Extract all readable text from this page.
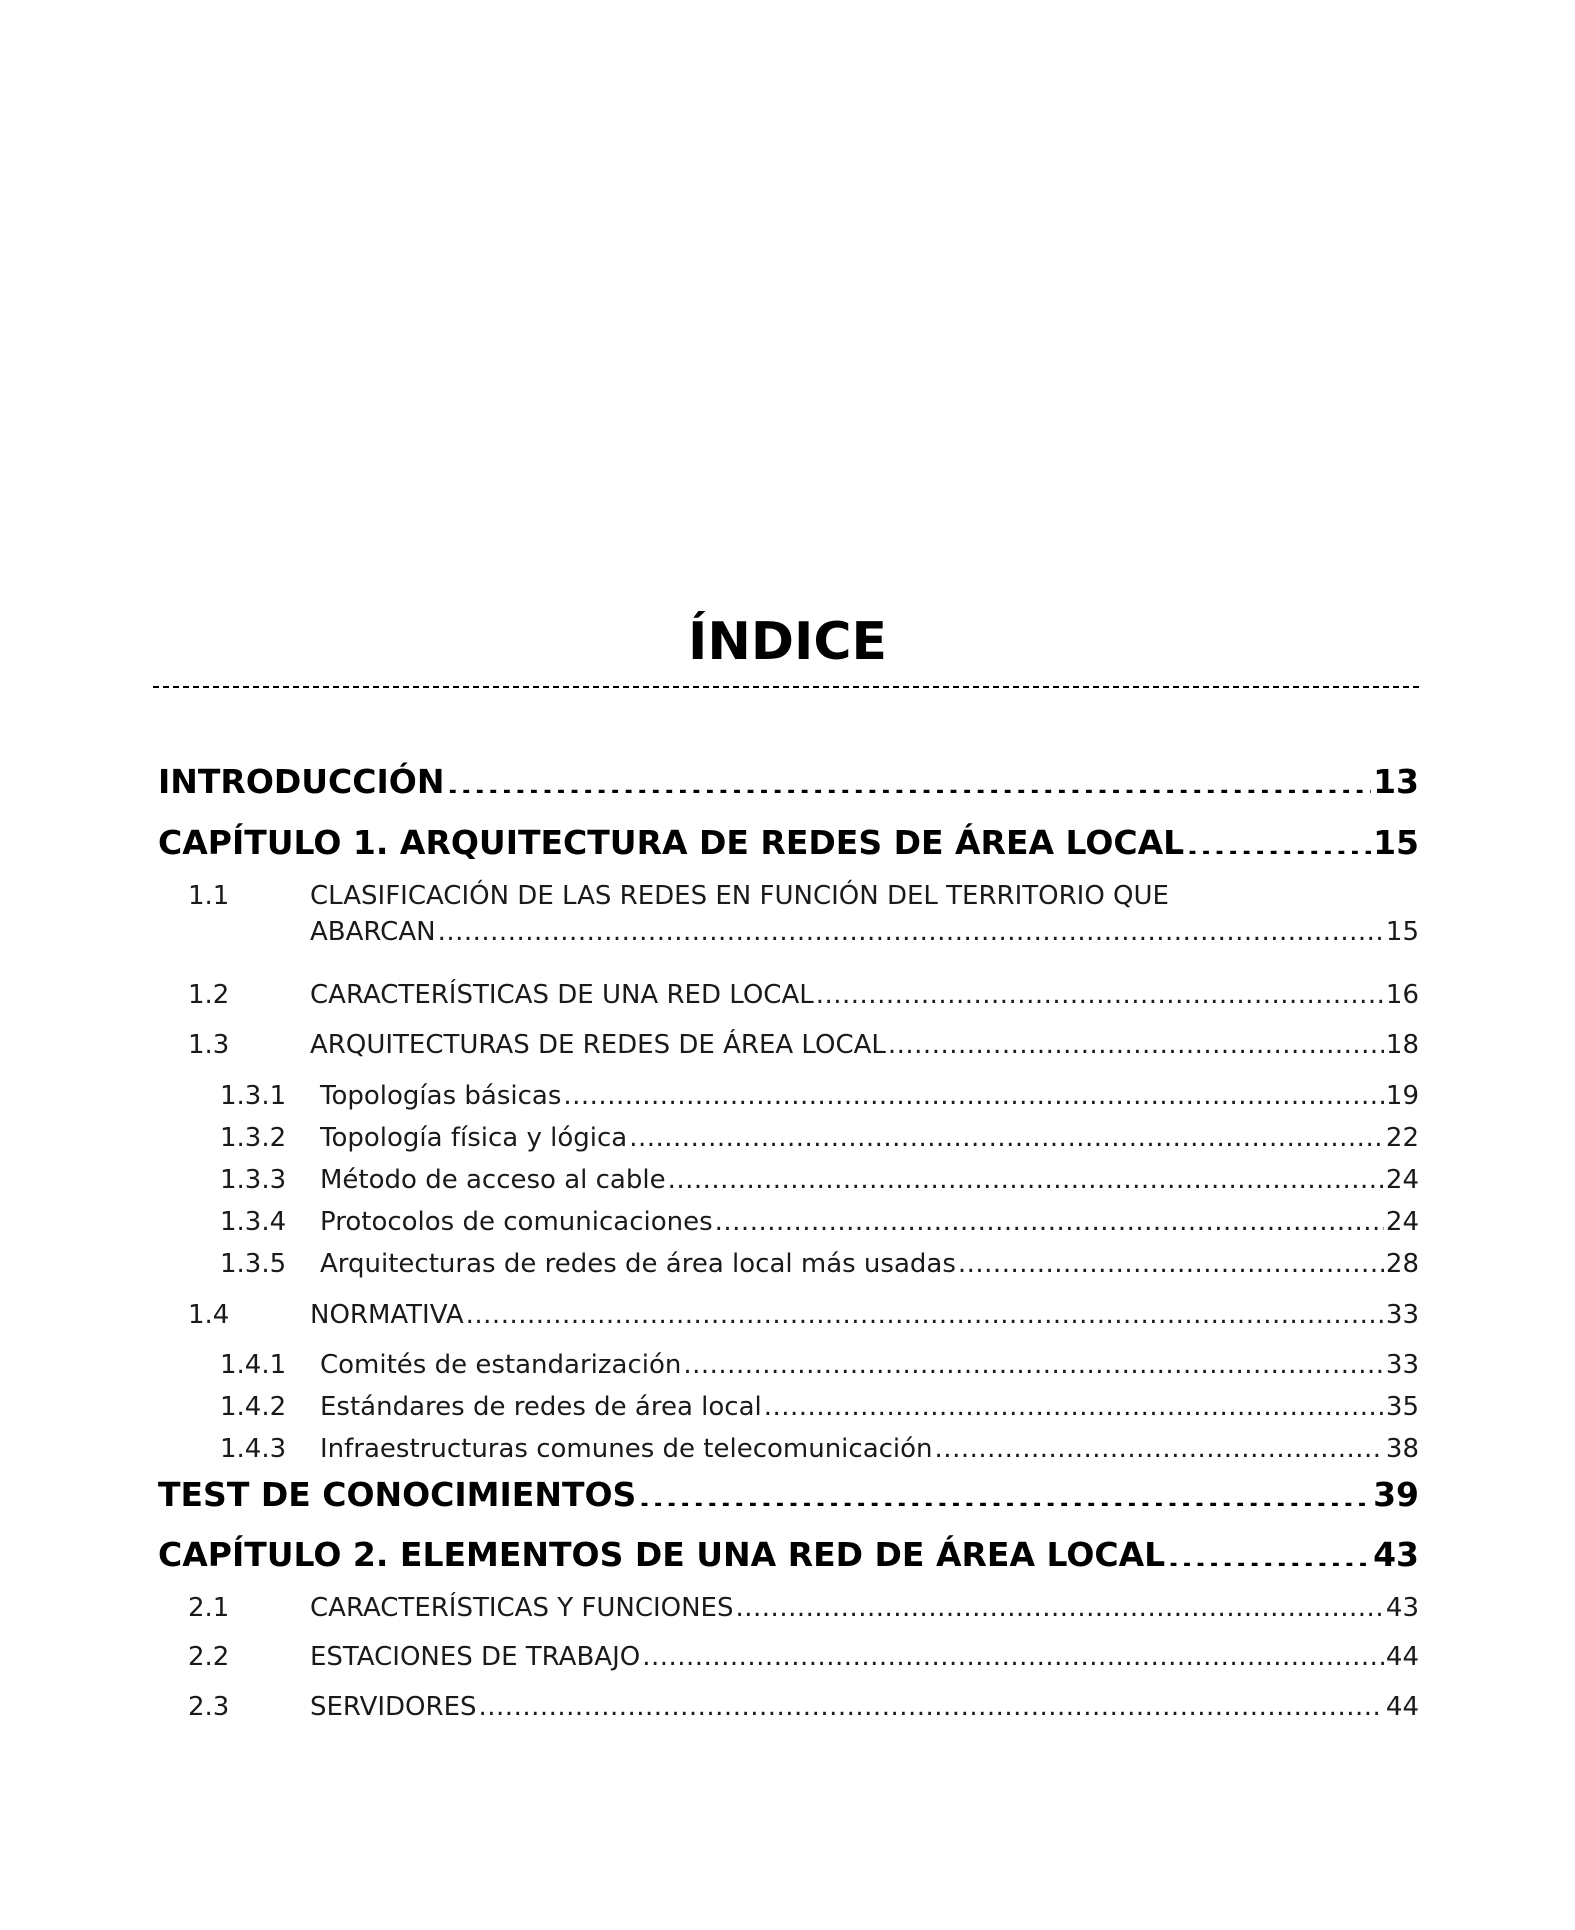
ÍNDICE
INTRODUCCIÓN .....	13
CAPÍTULO 1. ARQUITECTURA DE REDES DE ÁREA LOCAL .....	15
1.1	CLASIFICACIÓN DE LAS REDES EN FUNCIÓN DEL TERRITORIO QUE
ABARCAN .....	15
1.2	CARACTERÍSTICAS DE UNA RED LOCAL .....	16
1.3	ARQUITECTURAS DE REDES DE ÁREA LOCAL .....	18
1.3.1	Topologías básicas .....	19
1.3.2	Topología física y lógica .....	22
1.3.3	Método de acceso al cable .....	24
1.3.4	Protocolos de comunicaciones .....	24
1.3.5	Arquitecturas de redes de área local más usadas .....	28
1.4	NORMATIVA .....	33
1.4.1	Comités de estandarización .....	33
1.4.2	Estándares de redes de área local .....	35
1.4.3	Infraestructuras comunes de telecomunicación .....	38
TEST DE CONOCIMIENTOS .....	39
CAPÍTULO 2. ELEMENTOS DE UNA RED DE ÁREA LOCAL .....	43
2.1	CARACTERÍSTICAS Y FUNCIONES .....	43
2.2	ESTACIONES DE TRABAJO .....	44
2.3	SERVIDORES .....	44
